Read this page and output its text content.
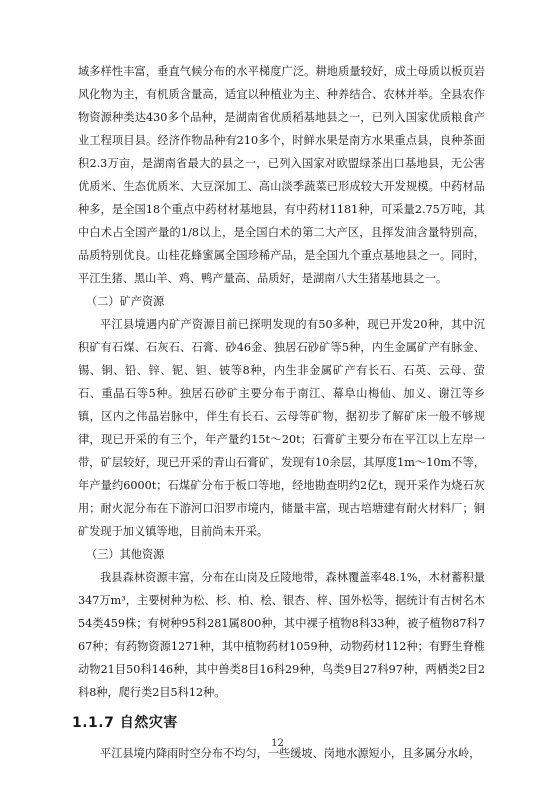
域多样性丰富，垂直气候分布的水平梯度广泛。耕地质量较好，成土母质以板页岩风化物为主，有机质含量高，适宜以种植业为主、种养结合、农林并举。全县农作物资源种类达430多个品种，是湖南省优质稻基地县之一，已列入国家优质粮食产业工程项目县。经济作物品种有210多个，时鲜水果是南方水果重点县，良种茶面积2.3万亩，是湖南省最大的县之一，已列入国家对欧盟绿茶出口基地县，无公害优质米、生态优质米、大豆深加工、高山淡季蔬菜已形成较大开发规模。中药材品种多，是全国18个重点中药材材基地县，有中药材1181种，可采量2.75万吨，其中白术占全国产量的1/8以上，是全国白术的第二大产区，且挥发油含量特别高，品质特别优良。山桂花蜂蜜属全国珍稀产品，是全国九个重点基地县之一。同时，平江生猪、黑山羊、鸡、鸭产量高、品质好，是湖南八大生猪基地县之一。

（二）矿产资源

平江县境遇内矿产资源目前已探明发现的有50多种，现已开发20种，其中沉积矿有石煤、石灰石、石膏、砂46金、独居石砂矿等5种，内生金属矿产有脉金、锡、铜、铅、锌、铌、钽、铍等8种，内生非金属矿产有长石、石英、云母、萤石、重晶石等5种。独居石砂矿主要分布于南江、幕阜山梅仙、加义、谢江等乡镇，区内之伟晶岩脉中，伴生有长石、云母等矿物，据初步了解矿床一般不够规律，现已开采的有三个，年产量约15t～20t；石膏矿主要分布在平江以上左岸一带，矿层较好，现已开采的青山石膏矿，发现有10余层，其厚度1m～10m不等，年产量约6000t；石煤矿分布于板口等地，经地勘查明约2亿t，现开采作为烧石灰用；耐火泥分布在下游河口汨罗市境内，储量丰富，现古培塘建有耐火材料厂；铜矿发现于加义镇等地，目前尚未开采。

（三）其他资源

我县森林资源丰富，分布在山岗及丘陵地带，森林覆盖率48.1%，木材蓄积量347万m³，主要树种为松、杉、柏、桧、银杏、梓、国外松等，据统计有古树名木54类459株；有树种95科281属800种，其中裸子植物8科33种，被子植物87科767种；有药物资源1271种，其中植物药材1059种，动物药材112种；有野生脊椎动物21目50科146种，其中兽类8目16科29种，鸟类9目27科97种，两栖类2目2科8种，爬行类2目5科12种。

1.1.7 自然灾害

平江县境内降雨时空分布不均匀，一些缓坡、岗地水源短小，且多属分水岭，

12
